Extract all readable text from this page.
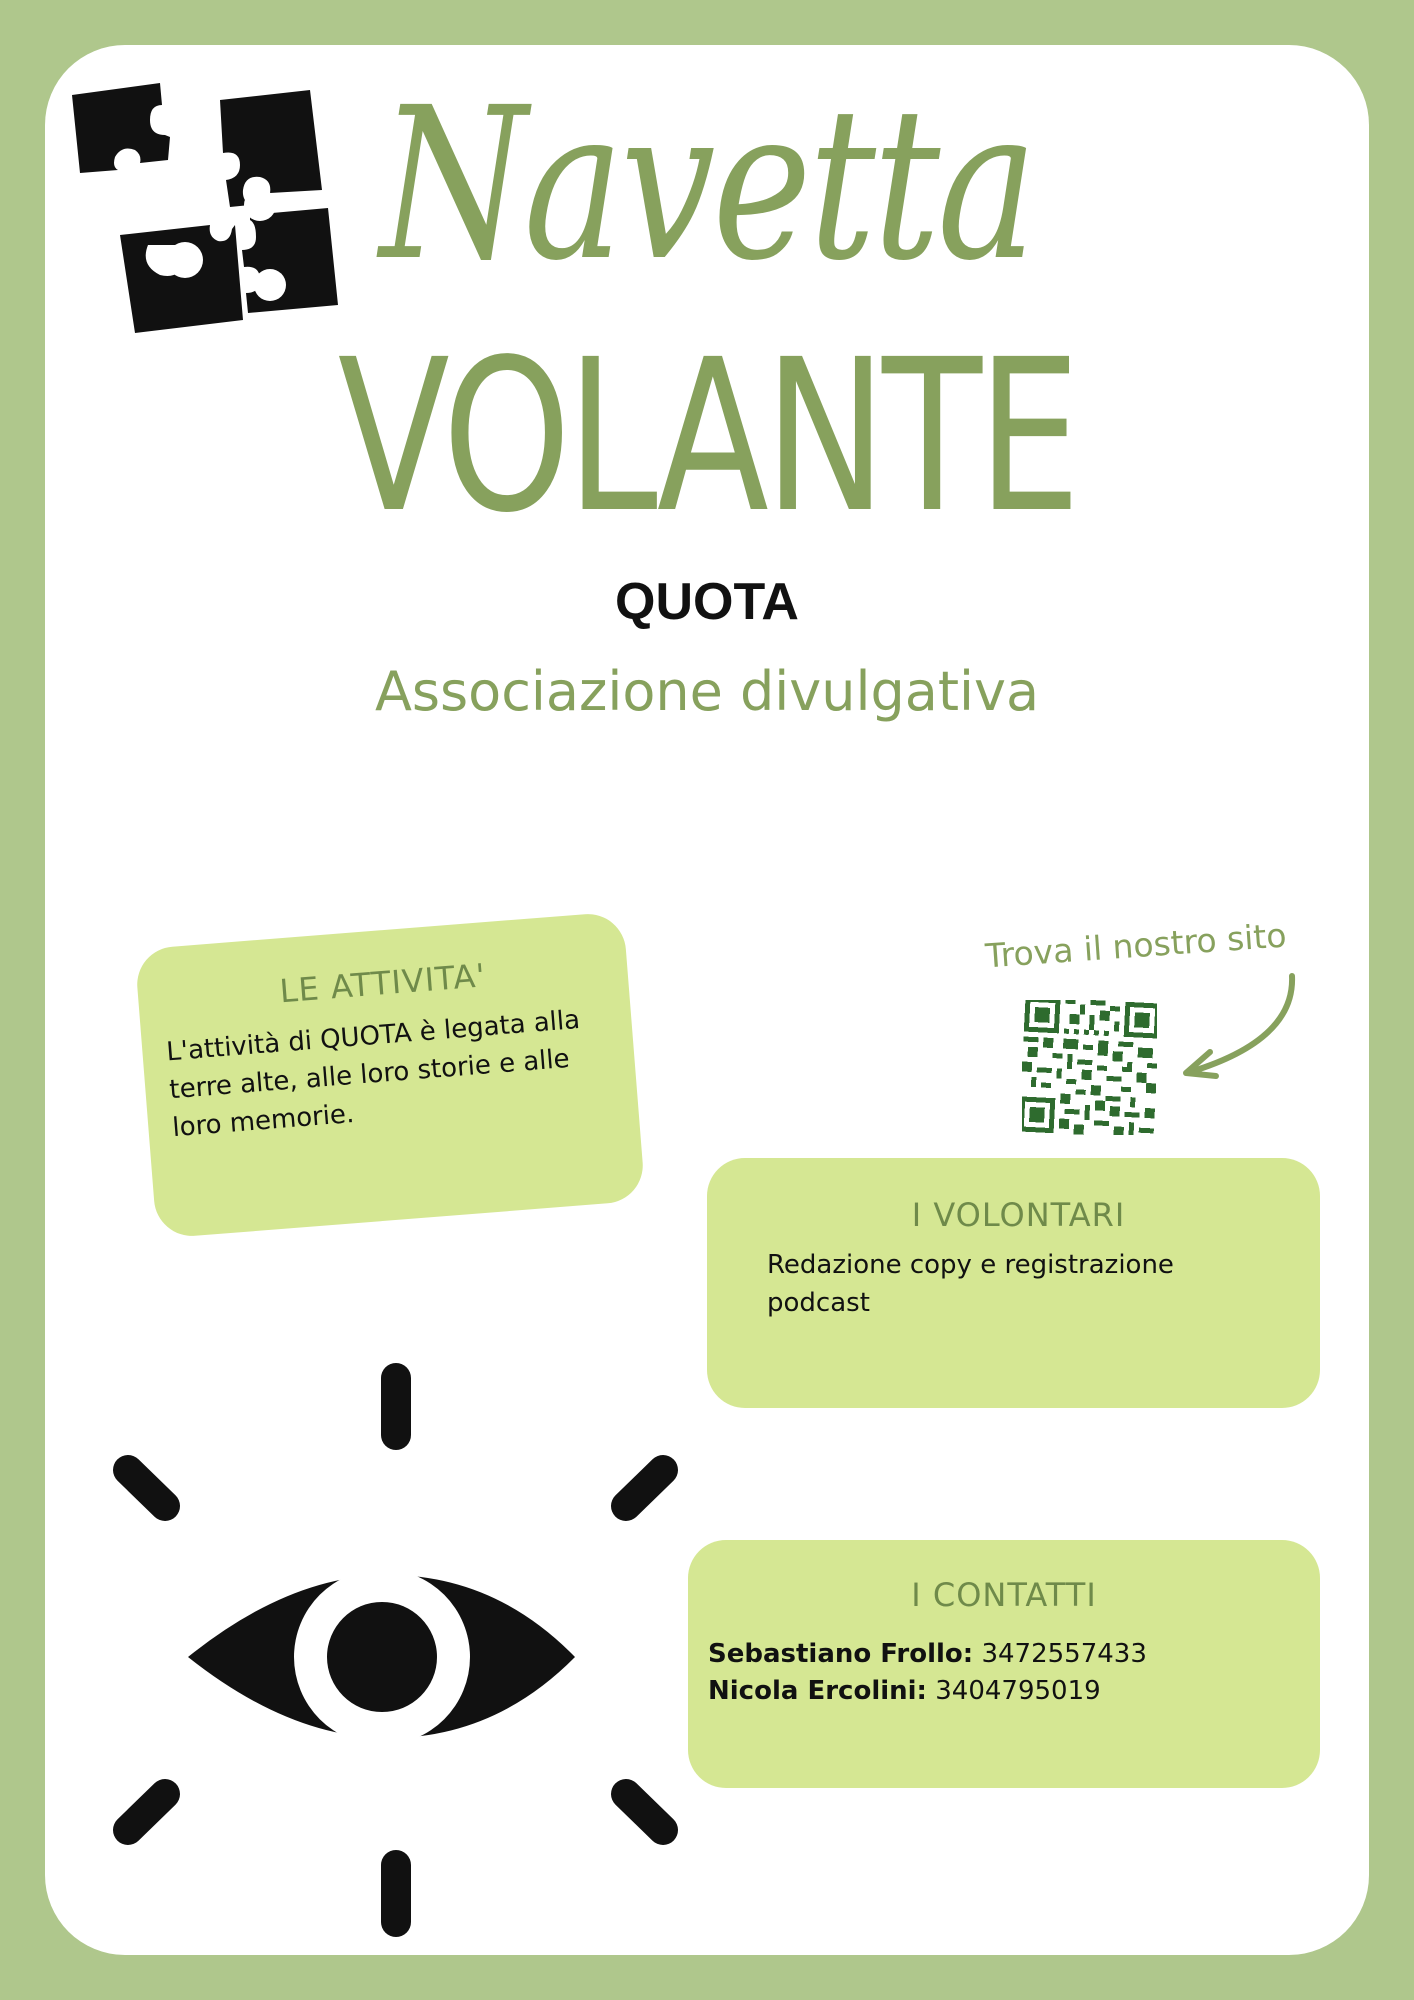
Navetta
VOLANTE
QUOTA
Associazione divulgativa
LE ATTIVITA'
L'attività di QUOTA è legata alla terre alte, alle loro storie e alle loro memorie.
Trova il nostro sito
I VOLONTARI
Redazione copy e registrazione podcast
I CONTATTI
Sebastiano Frollo: 3472557433
Nicola Ercolini: 3404795019
